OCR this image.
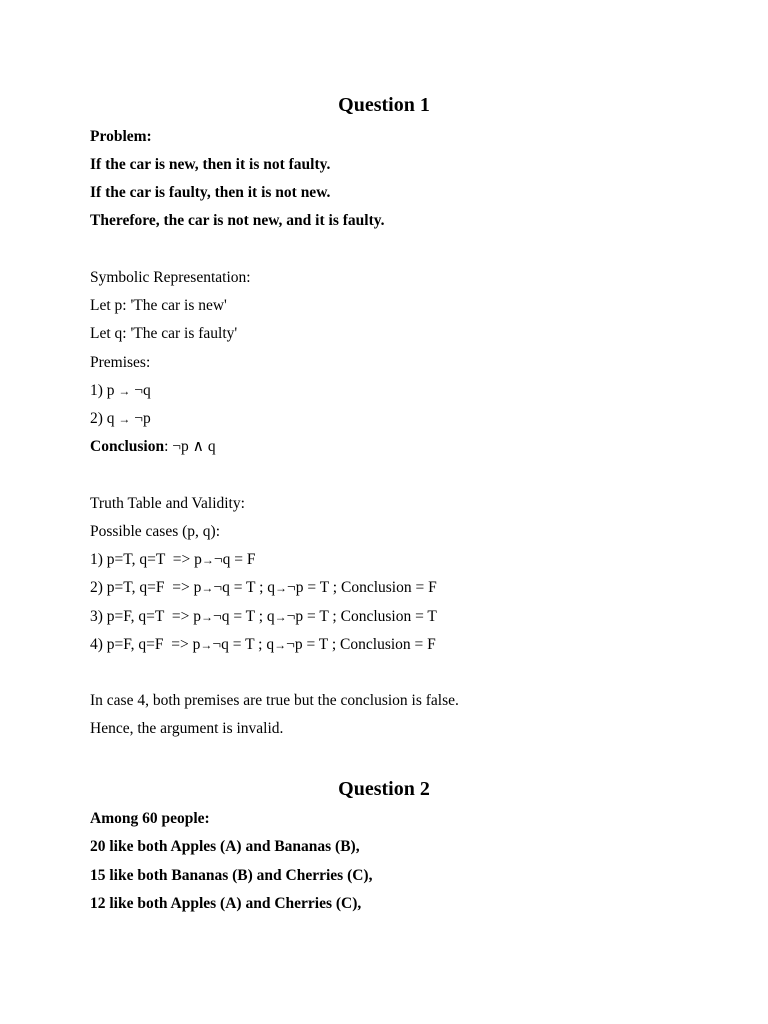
Question 1

Problem:

If the car is new, then it is not faulty.

If the car is faulty, then it is not new.

Therefore, the car is not new, and it is faulty.

Symbolic Representation:

Let p: 'The car is new'

Let q: 'The car is faulty'

Premises:

1) p → ¬q

2) q → ¬p

Conclusion: ¬p ∧ q

Truth Table and Validity:

Possible cases (p, q):

1) p=T, q=T  => p→¬q = F

2) p=T, q=F  => p→¬q = T ; q→¬p = T ; Conclusion = F

3) p=F, q=T  => p→¬q = T ; q→¬p = T ; Conclusion = T

4) p=F, q=F  => p→¬q = T ; q→¬p = T ; Conclusion = F

In case 4, both premises are true but the conclusion is false.

Hence, the argument is invalid.

Question 2

Among 60 people:

20 like both Apples (A) and Bananas (B),

15 like both Bananas (B) and Cherries (C),

12 like both Apples (A) and Cherries (C),
